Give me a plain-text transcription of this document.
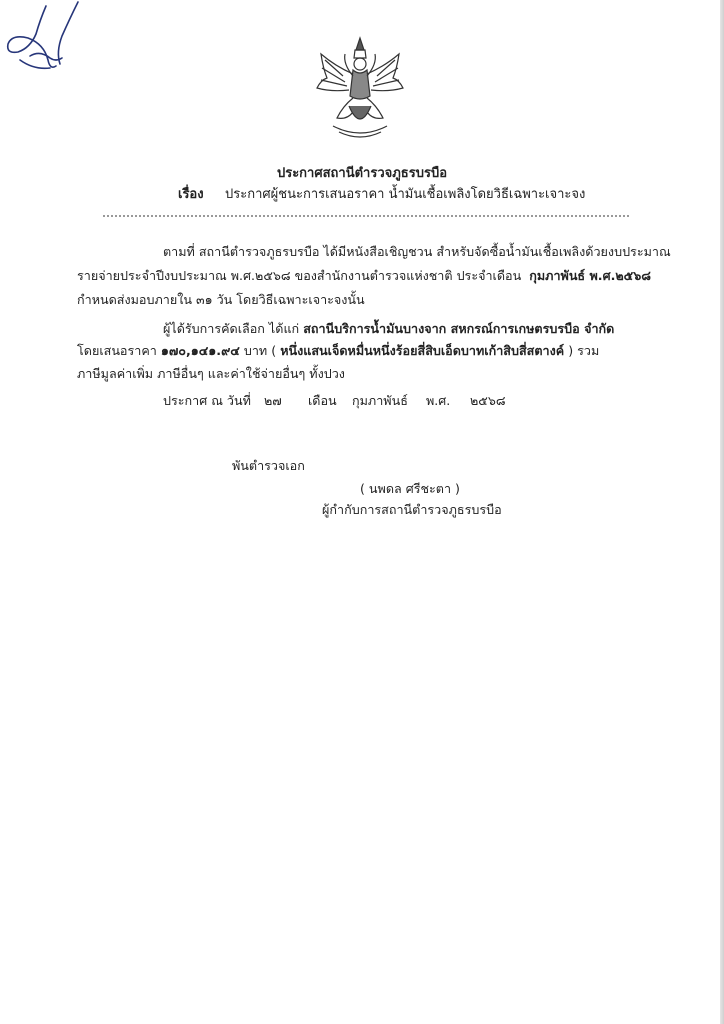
ประกาศสถานีตำรวจภูธรบรบือ
เรื่อง ประกาศผู้ชนะการเสนอราคา น้ำมันเชื้อเพลิงโดยวิธีเฉพาะเจาะจง
ตามที่ สถานีตำรวจภูธรบรบือ ได้มีหนังสือเชิญชวน สำหรับจัดซื้อน้ำมันเชื้อเพลิงด้วยงบประมาณ
รายจ่ายประจำปีงบประมาณ พ.ศ.๒๕๖๘ ของสำนักงานตำรวจแห่งชาติ ประจำเดือน กุมภาพันธ์ พ.ศ.๒๕๖๘
กำหนดส่งมอบภายใน ๓๑ วัน โดยวิธีเฉพาะเจาะจงนั้น
ผู้ได้รับการคัดเลือก ได้แก่ สถานีบริการน้ำมันบางจาก สหกรณ์การเกษตรบรบือ จำกัด
โดยเสนอราคา ๑๗๐,๑๔๑.๙๔ บาท ( หนึ่งแสนเจ็ดหมื่นหนึ่งร้อยสี่สิบเอ็ดบาทเก้าสิบสี่สตางค์ ) รวม
ภาษีมูลค่าเพิ่ม ภาษีอื่นๆ และค่าใช้จ่ายอื่นๆ ทั้งปวง
ประกาศ ณ วันที่ ๒๗ เดือน กุมภาพันธ์ พ.ศ. ๒๕๖๘
พันตำรวจเอก
( นพดล ศรีชะตา )
ผู้กำกับการสถานีตำรวจภูธรบรบือ
